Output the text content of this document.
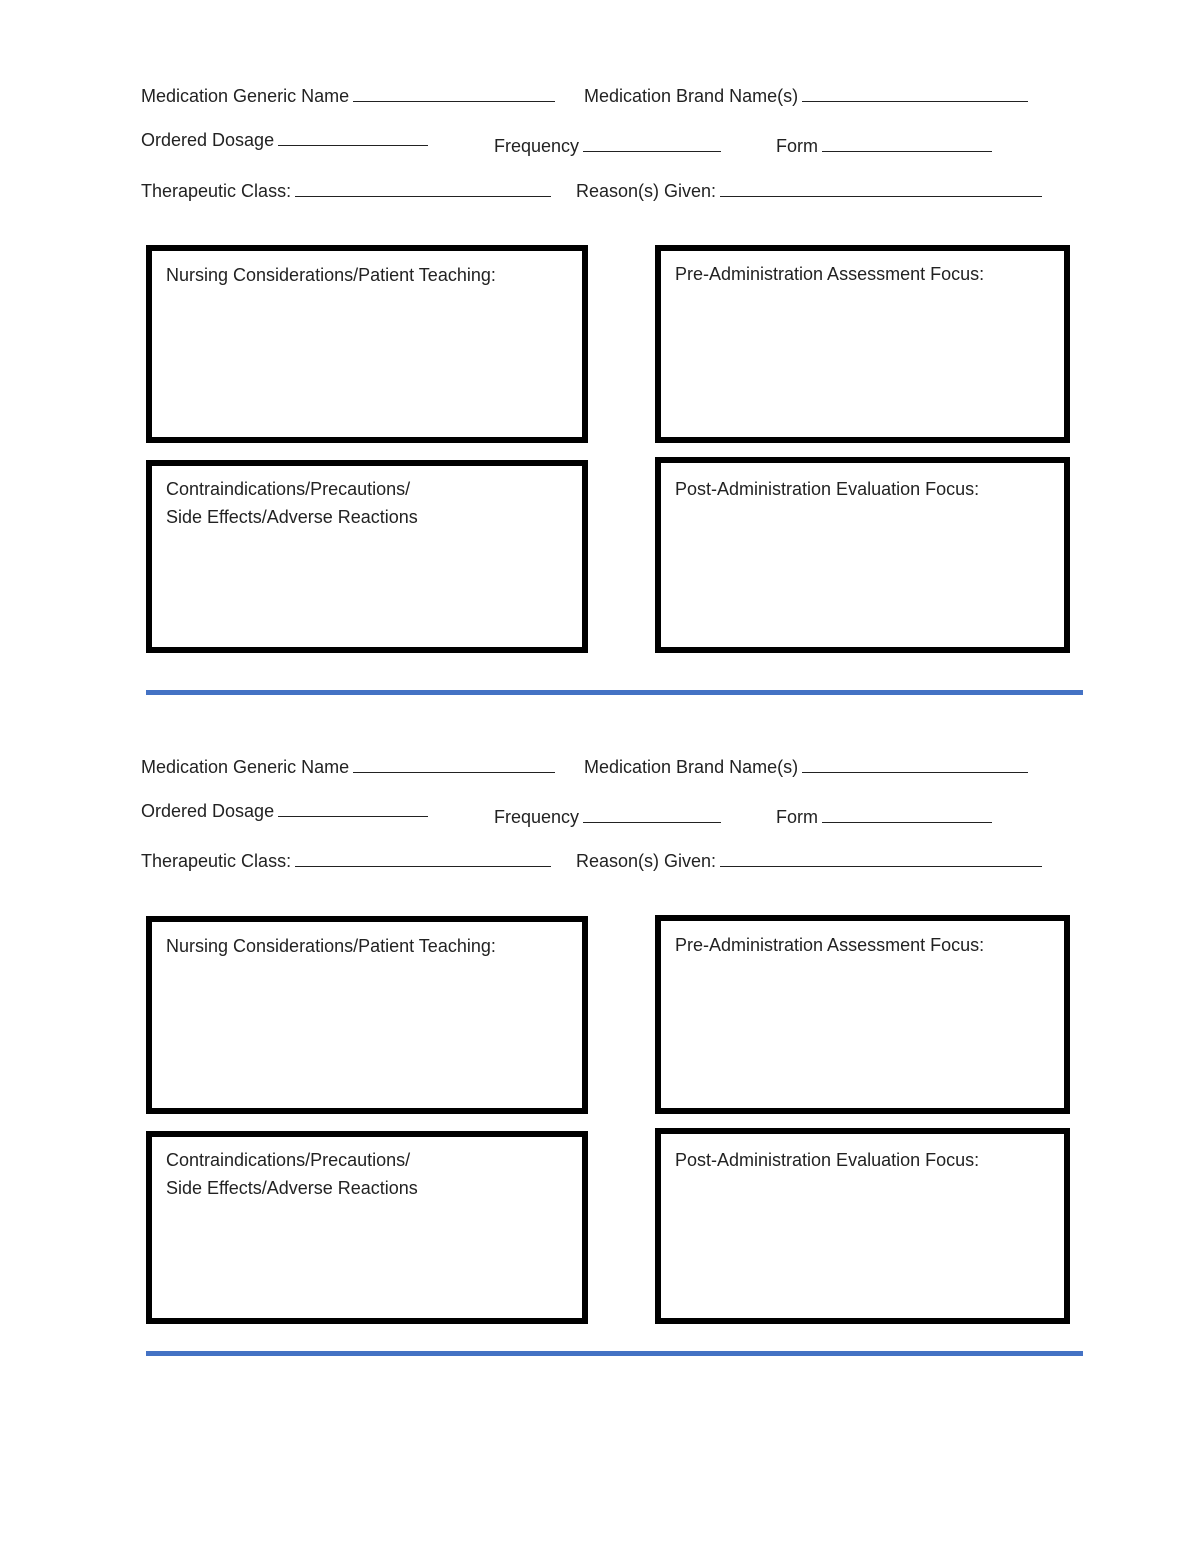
Medication Generic Name	Medication Brand Name(s)
Ordered Dosage	Frequency	Form
Therapeutic Class:	Reason(s) Given:
Nursing Considerations/Patient Teaching:	Pre-Administration Assessment Focus:
Contraindications/Precautions/
Side Effects/Adverse Reactions
Post-Administration Evaluation Focus:
Medication Generic Name	Medication Brand Name(s)
Ordered Dosage	Frequency	Form
Therapeutic Class:	Reason(s) Given:
Nursing Considerations/Patient Teaching:	Pre-Administration Assessment Focus:
Contraindications/Precautions/
Side Effects/Adverse Reactions
Post-Administration Evaluation Focus:
